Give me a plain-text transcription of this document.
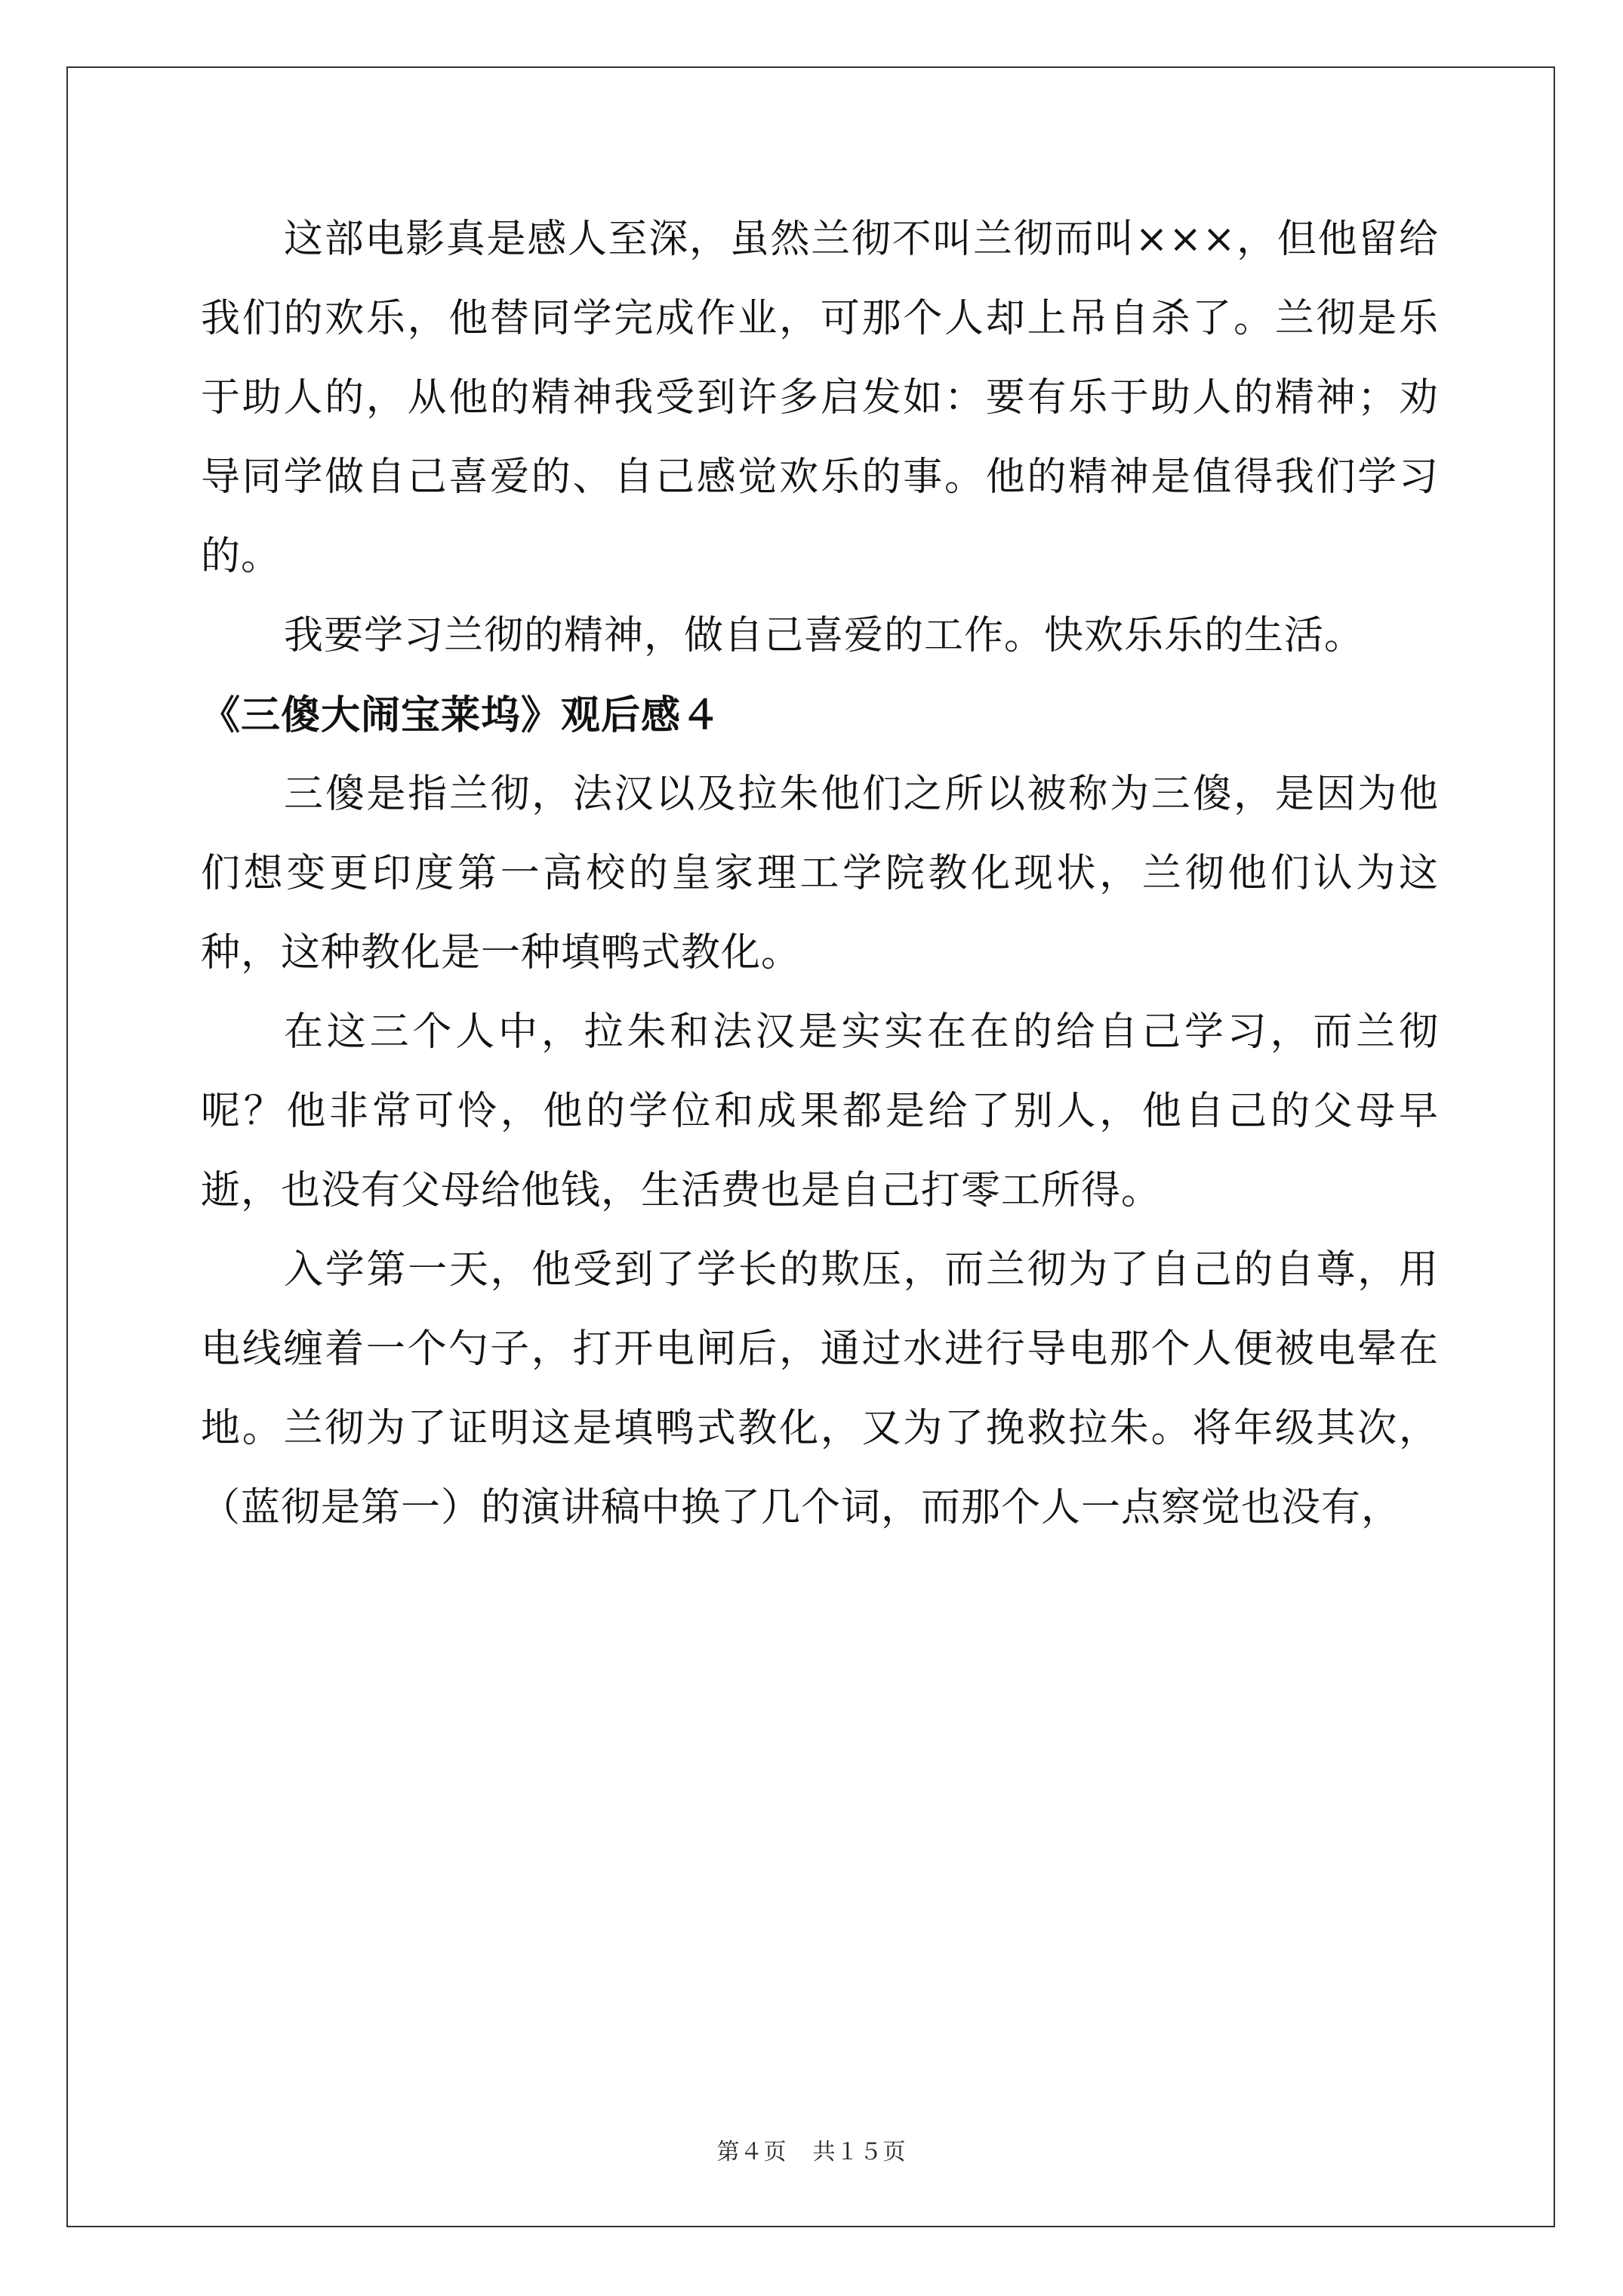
这部电影真是感人至深，虽然兰彻不叫兰彻而叫×××，但他留给我们的欢乐，他替同学完成作业，可那个人却上吊自杀了。兰彻是乐于助人的，从他的精神我受到许多启发如：要有乐于助人的精神；劝导同学做自己喜爱的、自己感觉欢乐的事。他的精神是值得我们学习的。

我要学习兰彻的精神，做自己喜爱的工作。快欢乐乐的生活。

《三傻大闹宝莱坞》观后感４

三傻是指兰彻，法汉以及拉朱他们之所以被称为三傻，是因为他们想变更印度第一高校的皇家理工学院教化现状，兰彻他们认为这种，这种教化是一种填鸭式教化。

在这三个人中，拉朱和法汉是实实在在的给自己学习，而兰彻呢？他非常可怜，他的学位和成果都是给了别人，他自己的父母早逝，也没有父母给他钱，生活费也是自己打零工所得。

入学第一天，他受到了学长的欺压，而兰彻为了自己的自尊，用电线缠着一个勺子，打开电闸后，通过水进行导电那个人便被电晕在地。兰彻为了证明这是填鸭式教化，又为了挽救拉朱。将年级其次，（蓝彻是第一）的演讲稿中换了几个词，而那个人一点察觉也没有，

第４页 共１５页
